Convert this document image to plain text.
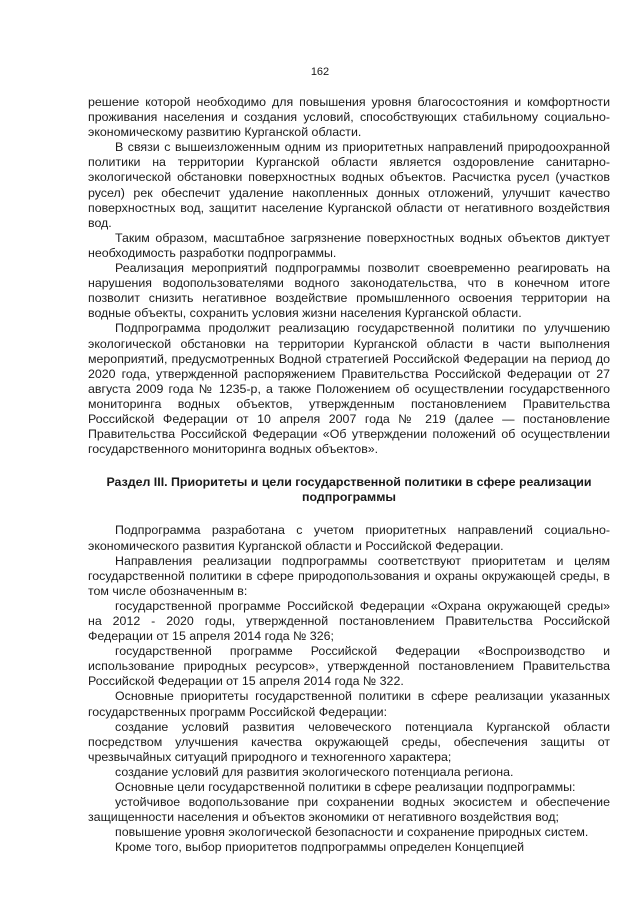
162

решение которой необходимо для повышения уровня благосостояния и комфортности проживания населения и создания условий, способствующих стабильному социально-экономическому развитию Курганской области.

В связи с вышеизложенным одним из приоритетных направлений природоохранной политики на территории Курганской области является оздоровление санитарно-экологической обстановки поверхностных водных объектов. Расчистка русел (участков русел) рек обеспечит удаление накопленных донных отложений, улучшит качество поверхностных вод, защитит население Курганской области от негативного воздействия вод.

Таким образом, масштабное загрязнение поверхностных водных объектов диктует необходимость разработки подпрограммы.

Реализация мероприятий подпрограммы позволит своевременно реагировать на нарушения водопользователями водного законодательства, что в конечном итоге позволит снизить негативное воздействие промышленного освоения территории на водные объекты, сохранить условия жизни населения Курганской области.

Подпрограмма продолжит реализацию государственной политики по улучшению экологической обстановки на территории Курганской области в части выполнения мероприятий, предусмотренных Водной стратегией Российской Федерации на период до 2020 года, утвержденной распоряжением Правительства Российской Федерации от 27 августа 2009 года № 1235-р, а также Положением об осуществлении государственного мониторинга водных объектов, утвержденным постановлением Правительства Российской Федерации от 10 апреля 2007 года № 219 (далее — постановление Правительства Российской Федерации «Об утверждении положений об осуществлении государственного мониторинга водных объектов».

Раздел III. Приоритеты и цели государственной политики в сфере реализации подпрограммы

Подпрограмма разработана с учетом приоритетных направлений социально-экономического развития Курганской области и Российской Федерации.

Направления реализации подпрограммы соответствуют приоритетам и целям государственной политики в сфере природопользования и охраны окружающей среды, в том числе обозначенным в:

государственной программе Российской Федерации «Охрана окружающей среды» на 2012 - 2020 годы, утвержденной постановлением Правительства Российской Федерации от 15 апреля 2014 года № 326;

государственной программе Российской Федерации «Воспроизводство и использование природных ресурсов», утвержденной постановлением Правительства Российской Федерации от 15 апреля 2014 года № 322.

Основные приоритеты государственной политики в сфере реализации указанных государственных программ Российской Федерации:

создание условий развития человеческого потенциала Курганской области посредством улучшения качества окружающей среды, обеспечения защиты от чрезвычайных ситуаций природного и техногенного характера;

создание условий для развития экологического потенциала региона.

Основные цели государственной политики в сфере реализации подпрограммы:

устойчивое водопользование при сохранении водных экосистем и обеспечение защищенности населения и объектов экономики от негативного воздействия вод;

повышение уровня экологической безопасности и сохранение природных систем.

Кроме того, выбор приоритетов подпрограммы определен Концепцией
